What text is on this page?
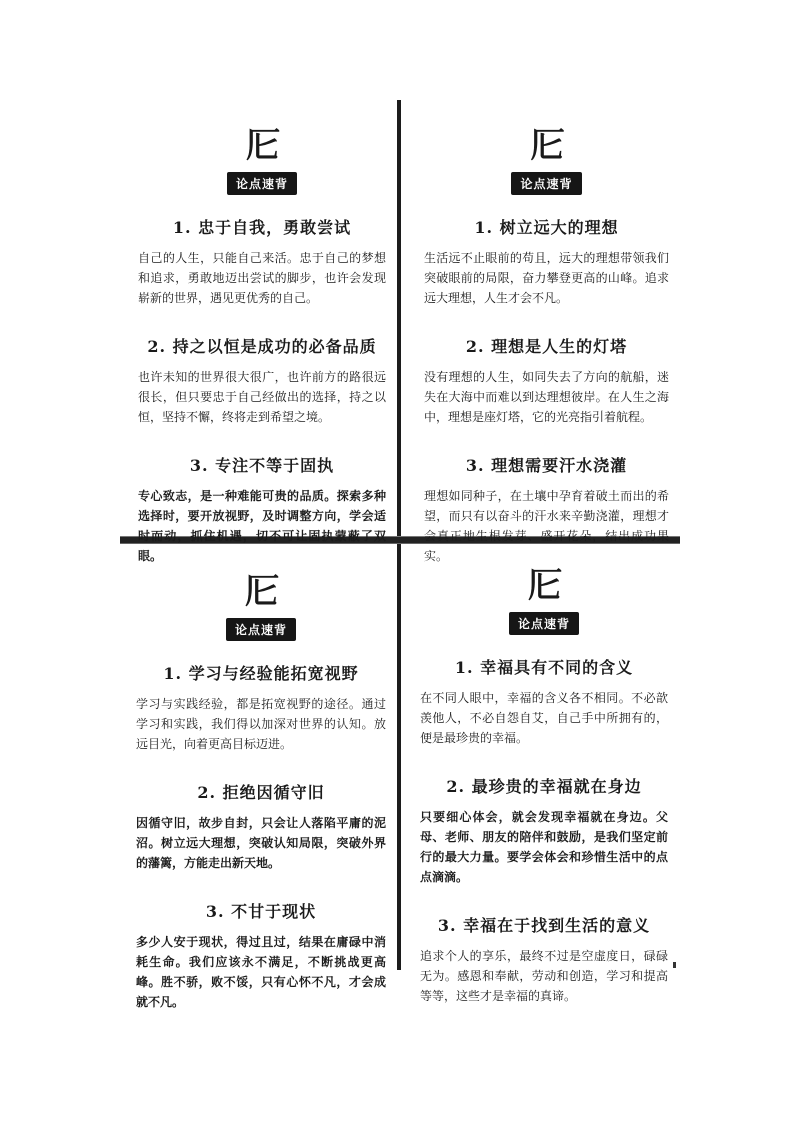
𠨬
论点速背
1. 忠于自我，勇敢尝试
自己的人生，只能自己来活。忠于自己的梦想和追求，勇敢地迈出尝试的脚步，也许会发现崭新的世界，遇见更优秀的自己。
2. 持之以恒是成功的必备品质
也许未知的世界很大很广，也许前方的路很远很长，但只要忠于自己经做出的选择，持之以恒，坚持不懈，终将走到希望之境。
3. 专注不等于固执
专心致志，是一种难能可贵的品质。探索多种选择时，要开放视野，及时调整方向，学会适时而动，抓住机遇，切不可让固执蒙蔽了双眼。
𠨬
论点速背
1. 树立远大的理想
生活远不止眼前的苟且，远大的理想带领我们突破眼前的局限，奋力攀登更高的山峰。追求远大理想，人生才会不凡。
2. 理想是人生的灯塔
没有理想的人生，如同失去了方向的航船，迷失在大海中而难以到达理想彼岸。在人生之海中，理想是座灯塔，它的光亮指引着航程。
3. 理想需要汗水浇灌
理想如同种子，在土壤中孕育着破土而出的希望，而只有以奋斗的汗水来辛勤浇灌，理想才会真正地生根发芽、盛开花朵，结出成功果实。
𠨬
论点速背
1. 学习与经验能拓宽视野
学习与实践经验，都是拓宽视野的途径。通过学习和实践，我们得以加深对世界的认知。放远目光，向着更高目标迈进。
2. 拒绝因循守旧
因循守旧，故步自封，只会让人落陷平庸的泥沼。树立远大理想，突破认知局限，突破外界的藩篱，方能走出新天地。
3. 不甘于现状
多少人安于现状，得过且过，结果在庸碌中消耗生命。我们应该永不满足，不断挑战更高峰。胜不骄，败不馁，只有心怀不凡，才会成就不凡。
𠨬
论点速背
1. 幸福具有不同的含义
在不同人眼中，幸福的含义各不相同。不必歆羡他人，不必自怨自艾，自己手中所拥有的，便是最珍贵的幸福。
2. 最珍贵的幸福就在身边
只要细心体会，就会发现幸福就在身边。父母、老师、朋友的陪伴和鼓励，是我们坚定前行的最大力量。要学会体会和珍惜生活中的点点滴滴。
3. 幸福在于找到生活的意义
追求个人的享乐，最终不过是空虚度日，碌碌无为。感恩和奉献，劳动和创造，学习和提高等等，这些才是幸福的真谛。
